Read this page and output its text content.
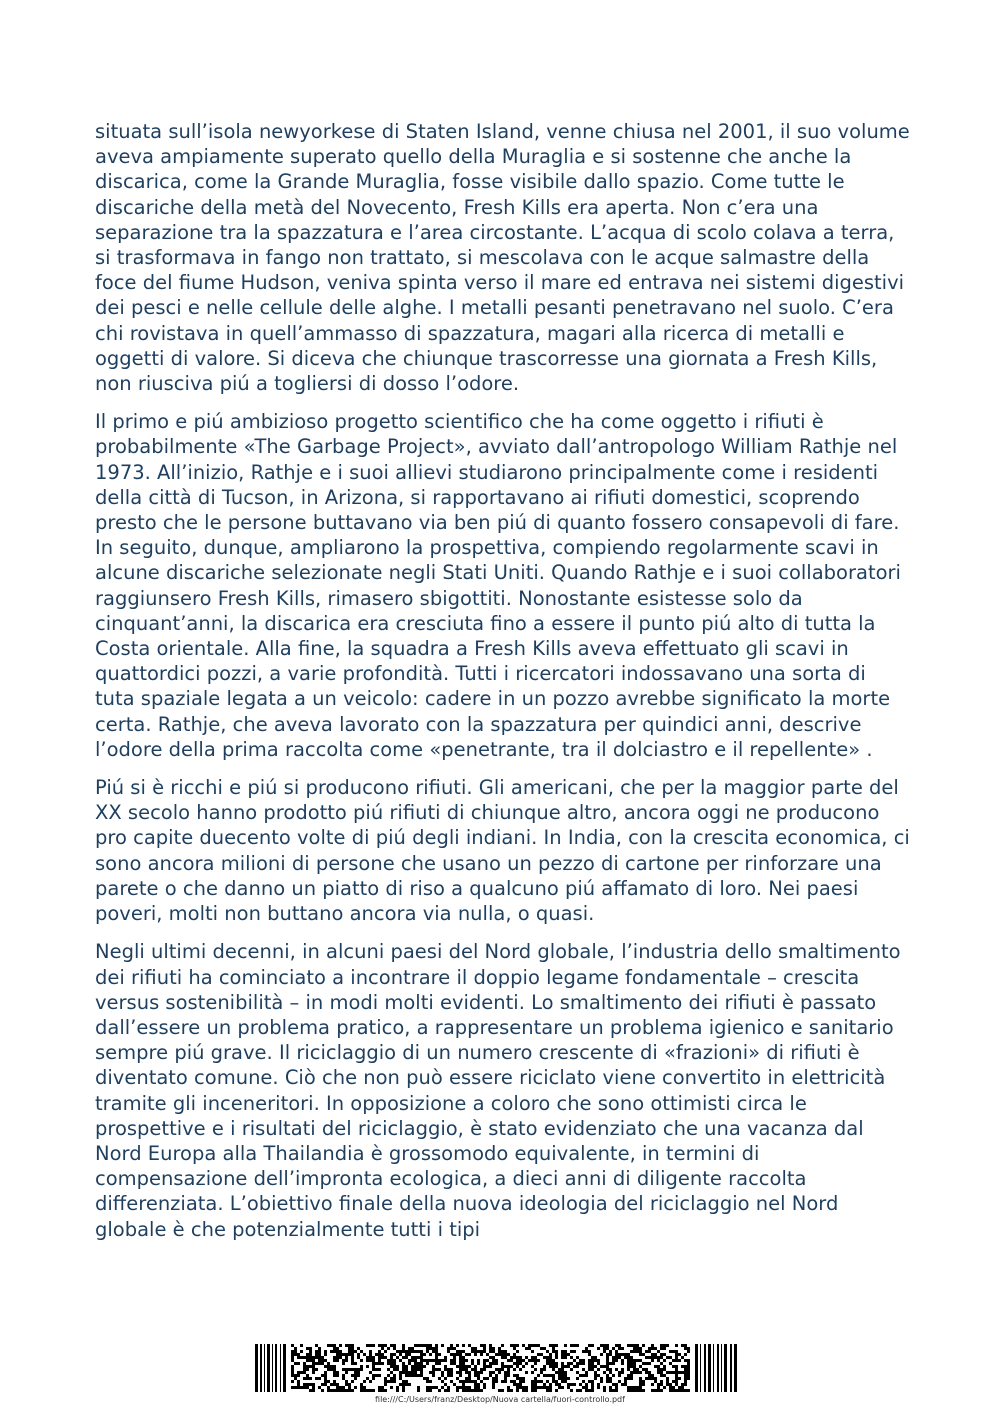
situata sull’isola newyorkese di Staten Island, venne chiusa nel 2001, il suo volume aveva ampiamente superato quello della Muraglia e si sostenne che anche la discarica, come la Grande Muraglia, fosse visibile dallo spazio. Come tutte le discariche della metà del Novecento, Fresh Kills era aperta. Non c’era una separazione tra la spazzatura e l’area circostante. L’acqua di scolo colava a terra, si trasformava in fango non trattato, si mescolava con le acque salmastre della foce del fiume Hudson, veniva spinta verso il mare ed entrava nei sistemi digestivi dei pesci e nelle cellule delle alghe. I metalli pesanti penetravano nel suolo. C’era chi rovistava in quell’ammasso di spazzatura, magari alla ricerca di metalli e oggetti di valore. Si diceva che chiunque trascorresse una giornata a Fresh Kills, non riusciva piú a togliersi di dosso l’odore.

Il primo e piú ambizioso progetto scientifico che ha come oggetto i rifiuti è probabilmente «The Garbage Project», avviato dall’antropologo William Rathje nel 1973. All’inizio, Rathje e i suoi allievi studiarono principalmente come i residenti della città di Tucson, in Arizona, si rapportavano ai rifiuti domestici, scoprendo presto che le persone buttavano via ben piú di quanto fossero consapevoli di fare. In seguito, dunque, ampliarono la prospettiva, compiendo regolarmente scavi in alcune discariche selezionate negli Stati Uniti. Quando Rathje e i suoi collaboratori raggiunsero Fresh Kills, rimasero sbigottiti. Nonostante esistesse solo da cinquant’anni, la discarica era cresciuta fino a essere il punto piú alto di tutta la Costa orientale. Alla fine, la squadra a Fresh Kills aveva effettuato gli scavi in quattordici pozzi, a varie profondità. Tutti i ricercatori indossavano una sorta di tuta spaziale legata a un veicolo: cadere in un pozzo avrebbe significato la morte certa. Rathje, che aveva lavorato con la spazzatura per quindici anni, descrive l’odore della prima raccolta come «penetrante, tra il dolciastro e il repellente» .

Piú si è ricchi e piú si producono rifiuti. Gli americani, che per la maggior parte del XX secolo hanno prodotto piú rifiuti di chiunque altro, ancora oggi ne producono pro capite duecento volte di piú degli indiani. In India, con la crescita economica, ci sono ancora milioni di persone che usano un pezzo di cartone per rinforzare una parete o che danno un piatto di riso a qualcuno piú affamato di loro. Nei paesi poveri, molti non buttano ancora via nulla, o quasi.

Negli ultimi decenni, in alcuni paesi del Nord globale, l’industria dello smaltimento dei rifiuti ha cominciato a incontrare il doppio legame fondamentale – crescita versus sostenibilità – in modi molti evidenti. Lo smaltimento dei rifiuti è passato dall’essere un problema pratico, a rappresentare un problema igienico e sanitario sempre piú grave. Il riciclaggio di un numero crescente di «frazioni» di rifiuti è diventato comune. Ciò che non può essere riciclato viene convertito in elettricità tramite gli inceneritori. In opposizione a coloro che sono ottimisti circa le prospettive e i risultati del riciclaggio, è stato evidenziato che una vacanza dal Nord Europa alla Thailandia è grossomodo equivalente, in termini di compensazione dell’impronta ecologica, a dieci anni di diligente raccolta differenziata. L’obiettivo finale della nuova ideologia del riciclaggio nel Nord globale è che potenzialmente tutti i tipi

file:///C:/Users/franz/Desktop/Nuova cartella/fuori-controllo.pdf
